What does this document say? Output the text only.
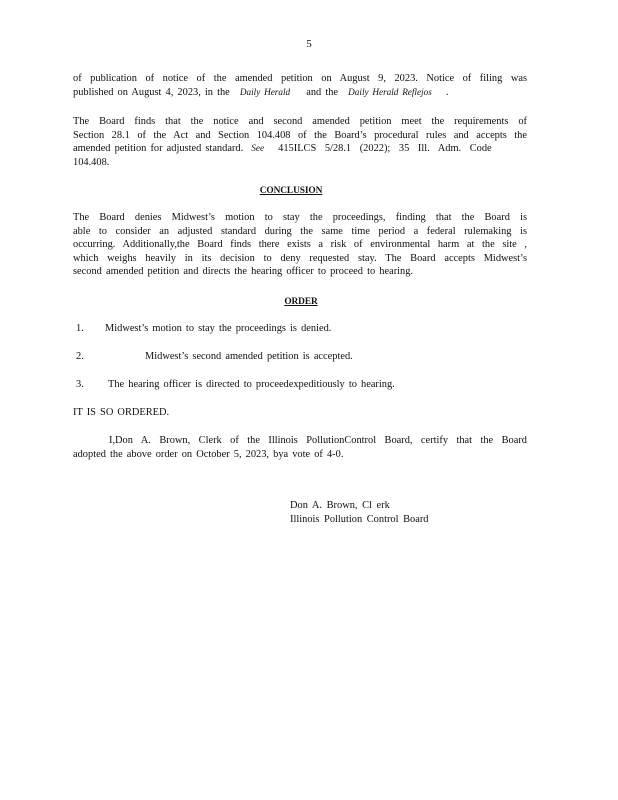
5
of publication of notice of the amended petition on August 9, 2023. Notice of filing was
published on August 4, 2023, in the Daily Herald and the Daily Herald Reflejos .
The Board finds that the notice and second amended petition meet the requirements of
Section 28.1 of the Act and Section 104.408 of the Board’s procedural rules and accepts the
amended petition for adjusted standard. See 415ILCS 5/28.1 (2022); 35 Ill. Adm. Code
104.408.
CONCLUSION
The Board denies Midwest’s motion to stay the proceedings, finding that the Board is
able to consider an adjusted standard during the same time period a federal rulemaking is
occurring. Additionally,the Board finds there exists a risk of environmental harm at the site ,
which weighs heavily in its decision to deny requested stay. The Board accepts Midwest’s
second amended petition and directs the hearing officer to proceed to hearing.
ORDER
1. Midwest’s motion to stay the proceedings is denied.
2.	Midwest’s second amended petition is accepted.
3. The hearing officer is directed to proceedexpeditiously to hearing.
IT IS SO ORDERED.
I,Don A. Brown, Clerk of the Illinois PollutionControl Board, certify that the Board
adopted the above order on October 5, 2023, bya vote of 4-0.
Don A. Brown, Cl erk
Illinois Pollution Control Board
